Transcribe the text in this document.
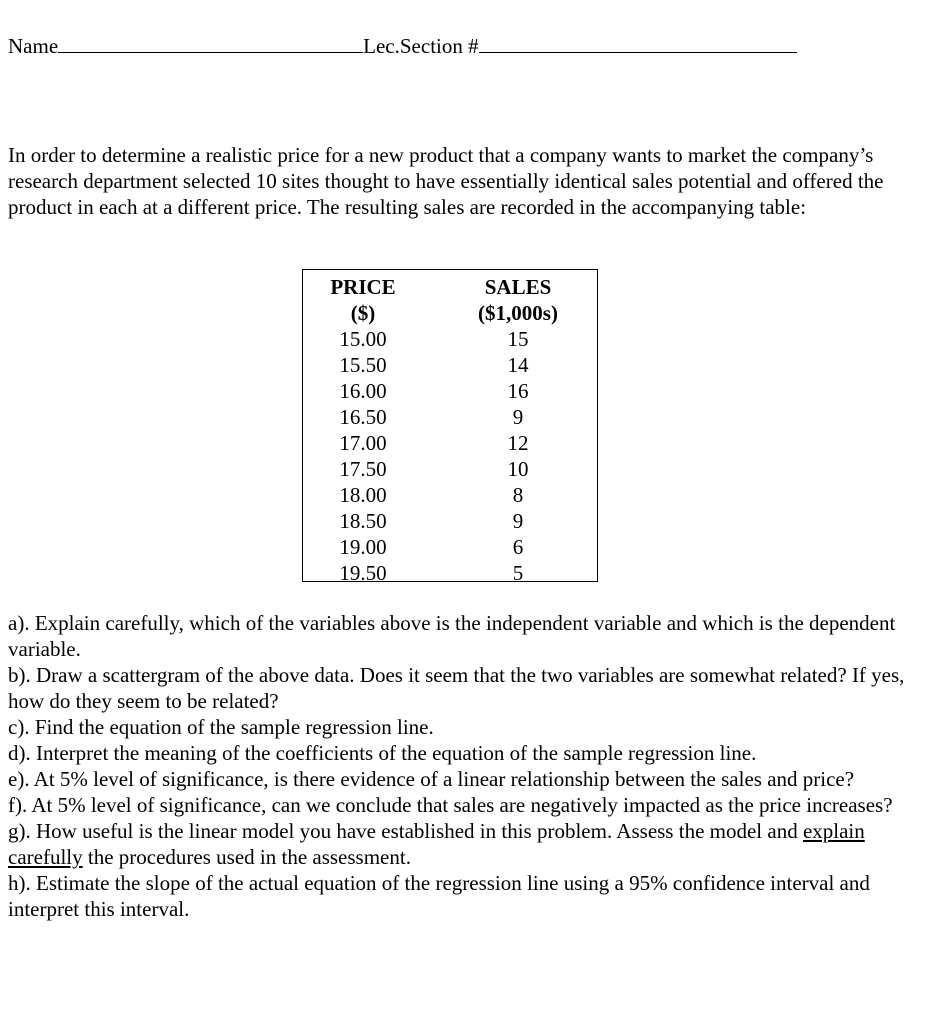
Name	Lec.Section #
In order to determine a realistic price for a new product that a company wants to market the company’s research department selected 10 sites thought to have essentially identical sales potential and offered the product in each at a different price. The resulting sales are recorded in the accompanying table:
PRICE
($)
15.00
15.50
16.00
16.50
17.00
17.50
18.00
18.50
19.00
19.50
SALES
($1,000s)
15
14
16
9
12
10
8
9
6
5

a). Explain carefully, which of the variables above is the independent variable and which is the dependent variable.

b). Draw a scattergram of the above data. Does it seem that the two variables are somewhat related? If yes, how do they seem to be related?

c). Find the equation of the sample regression line.

d). Interpret the meaning of the coefficients of the equation of the sample regression line.

e). At 5% level of significance, is there evidence of a linear relationship between the sales and price?

f). At 5% level of significance, can we conclude that sales are negatively impacted as the price increases?

g). How useful is the linear model you have established in this problem. Assess the model and explain carefully the procedures used in the assessment.

h). Estimate the slope of the actual equation of the regression line using a 95% confidence interval and interpret this interval.
